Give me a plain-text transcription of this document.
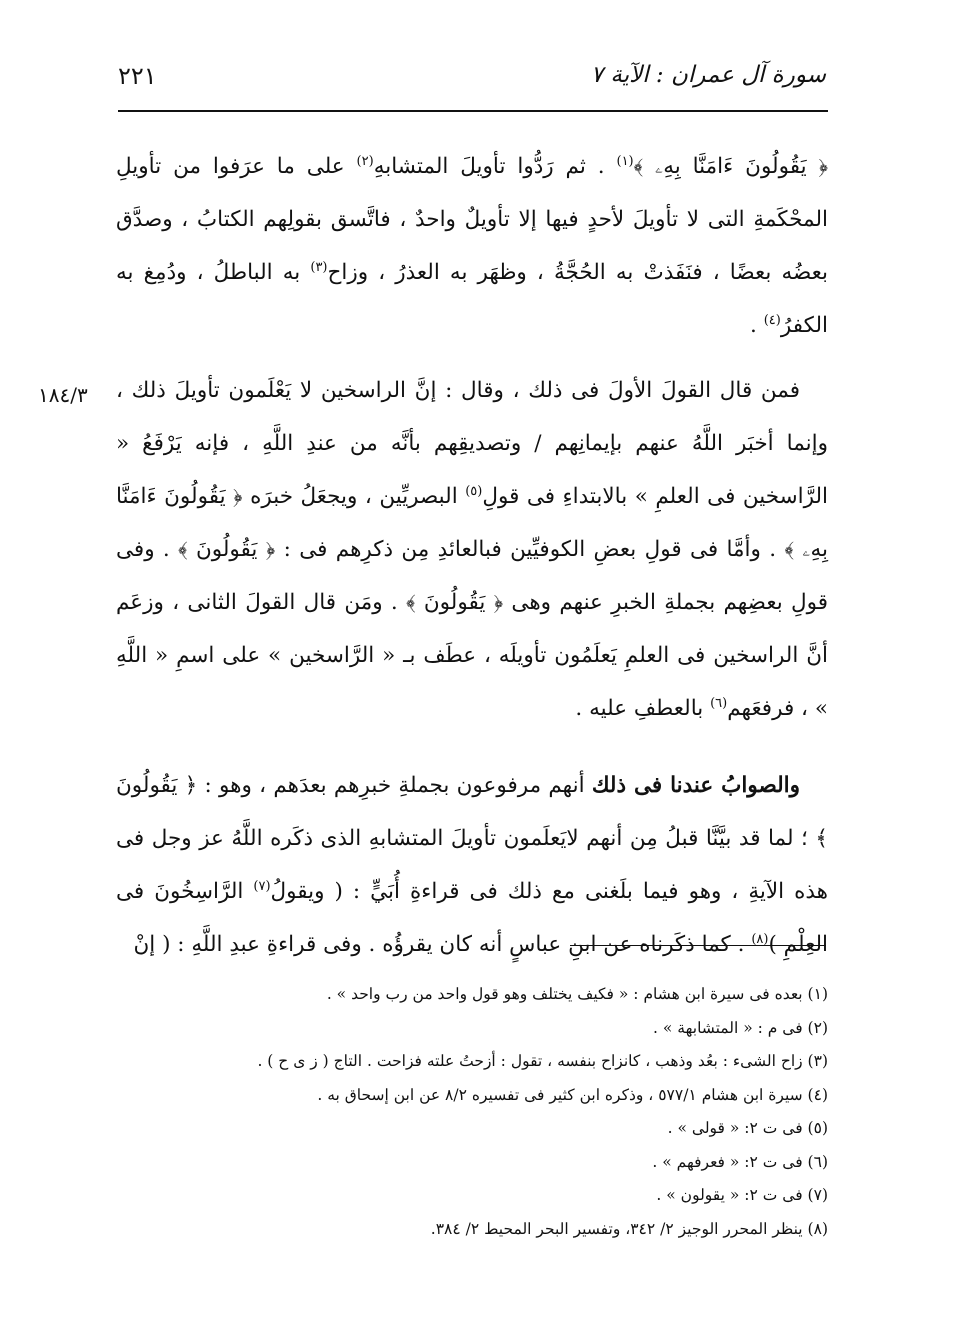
٢٢١	سورة آل عمران : الآية ٧
١٨٤/٣

﴿ يَقُولُونَ ءَامَنَّا بِهِۦ ﴾$^{(١)}$ . ثم رَدُّوا تأويلَ المتشابهِ$^{(٢)}$ على ما عرَفوا من تأويلِ المحْكَمةِ التى لا تأويلَ لأحدٍ فيها إلا تأويلٌ واحدٌ ، فاتَّسق بقولِهم الكتابُ ، وصدَّق بعضُه بعضًا ، فنَفَذتْ به الحُجَّةُ ، وظهَر به العذرُ ، وزاح$^{(٣)}$ به الباطلُ ، ودُمِغ به الكفرُ$^{(٤)}$ .

فمن قال القولَ الأولَ فى ذلك ، وقال : إنَّ الراسخين لا يَعْلَمون تأويلَ ذلك ، وإنما أخبَر اللَّهُ عنهم بإيمانِهم / وتصديقِهم بأنَّه من عندِ اللَّهِ ، فإنه يَرْفَعُ « الرَّاسخين فى العلمِ » بالابتداءِ فى قولِ$^{(٥)}$ البصريِّين ، ويجعَلُ خبرَه ﴿ يَقُولُونَ ءَامَنَّا بِهِۦ ﴾ . وأمَّا فى قولِ بعضِ الكوفيِّين فبالعائدِ مِن ذكرِهم فى : ﴿ يَقُولُونَ ﴾ . وفى قولِ بعضِهم بجملةِ الخبرِ عنهم وهى ﴿ يَقُولُونَ ﴾ . ومَن قال القولَ الثانى ، وزعَم أنَّ الراسخين فى العلمِ يَعلَمُون تأويلَه ، عطَف بـ « الرَّاسخين » على اسمِ « اللَّهِ » ، فرفعَهم$^{(٦)}$ بالعطفِ عليه .

والصوابُ عندنا فى ذلك أنهم مرفوعون بجملةِ خبرِهم بعدَهم ، وهو : ﴿ يَقُولُونَ ﴾ ؛ لما قد بيَّنَّا قبلُ مِن أنهم لايَعلَمون تأويلَ المتشابهِ الذى ذكَره اللَّهُ عز وجل فى هذه الآيةِ ، وهو فيما بلَغنى مع ذلك فى قراءةِ أُبَيٍّ : ( ويقولُ$^{(٧)}$ الرَّاسِخُونَ فى العِلْمِ )$^{(٨)}$ . كما ذكَرناه عن ابنِ عباسٍ أنه كان يقرؤُه . وفى قراءةِ عبدِ اللَّهِ : ( إنْ

(١) بعده فى سيرة ابن هشام : « فكيف يختلف وهو قول واحد من رب واحد » .

(٢) فى م : « المتشابهة » .

(٣) زاح الشىء : بعُد وذهب ، كانزاح بنفسه ، تقول : أزحتُ علته فزاحت . التاج ( ز ى ح ) .

(٤) سيرة ابن هشام ٥٧٧/١ ، وذكره ابن كثير فى تفسيره ٨/٢ عن ابن إسحاق به .

(٥) فى ت ٢: « قولى » .

(٦) فى ت ٢: « فعرفهم » .

(٧) فى ت ٢: « يقولون » .

(٨) ينظر المحرر الوجيز ٢/ ٣٤٢، وتفسير البحر المحيط ٢/ ٣٨٤.
